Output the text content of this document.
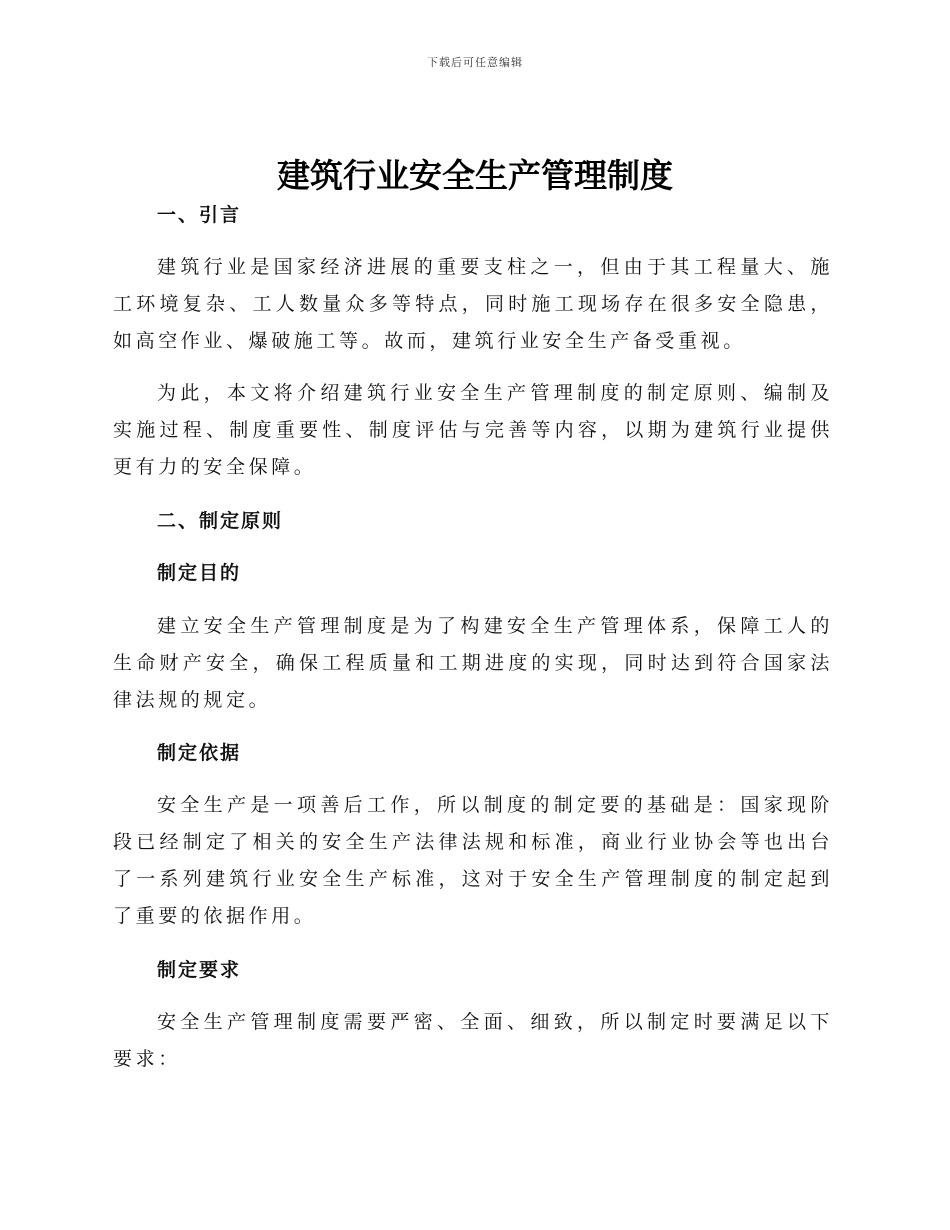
下载后可任意编辑
建筑行业安全生产管理制度
一、引言
建筑行业是国家经济进展的重要支柱之一，但由于其工程量大、施工环境复杂、工人数量众多等特点，同时施工现场存在很多安全隐患，如高空作业、爆破施工等。故而，建筑行业安全生产备受重视。
为此，本文将介绍建筑行业安全生产管理制度的制定原则、编制及实施过程、制度重要性、制度评估与完善等内容，以期为建筑行业提供更有力的安全保障。
二、制定原则
制定目的
建立安全生产管理制度是为了构建安全生产管理体系，保障工人的生命财产安全，确保工程质量和工期进度的实现，同时达到符合国家法律法规的规定。
制定依据
安全生产是一项善后工作，所以制度的制定要的基础是：国家现阶段已经制定了相关的安全生产法律法规和标准，商业行业协会等也出台了一系列建筑行业安全生产标准，这对于安全生产管理制度的制定起到了重要的依据作用。
制定要求
安全生产管理制度需要严密、全面、细致，所以制定时要满足以下要求：
